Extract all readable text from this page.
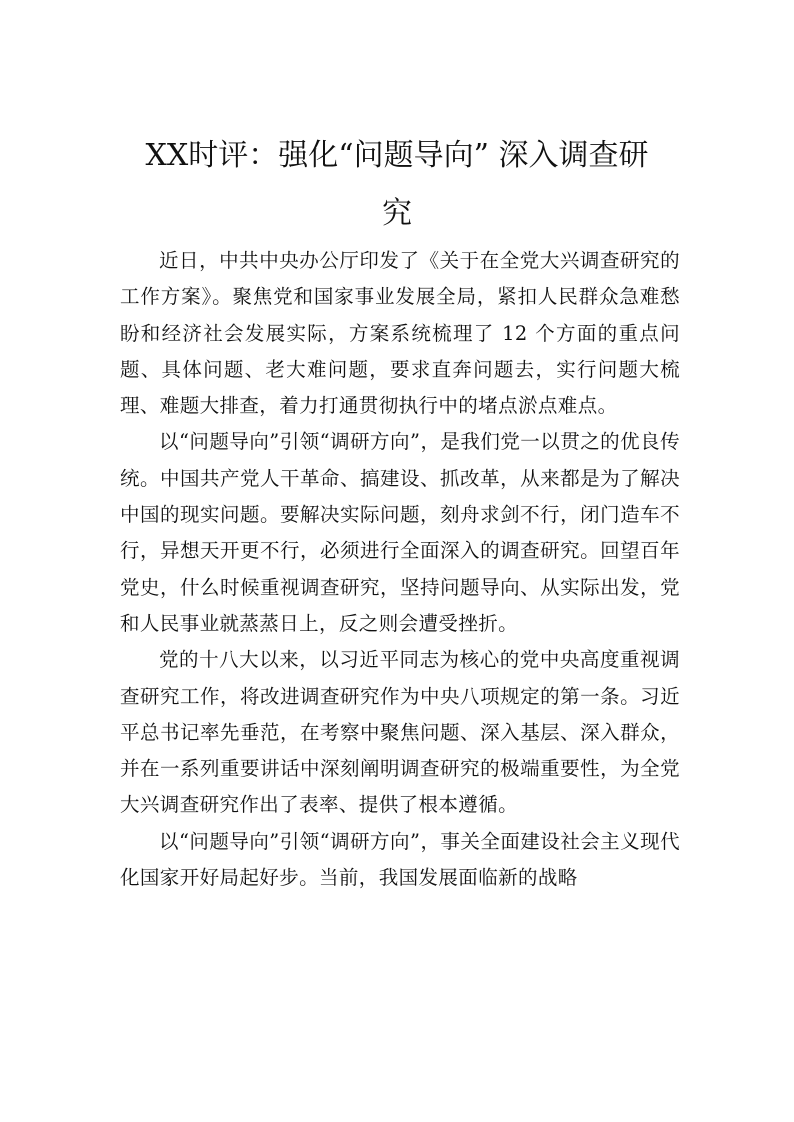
XX时评：强化“问题导向” 深入调查研
究

近日，中共中央办公厅印发了《关于在全党大兴调查研究的工作方案》。聚焦党和国家事业发展全局，紧扣人民群众急难愁盼和经济社会发展实际，方案系统梳理了 12 个方面的重点问题、具体问题、老大难问题，要求直奔问题去，实行问题大梳理、难题大排查，着力打通贯彻执行中的堵点淤点难点。

以“问题导向”引领“调研方向”，是我们党一以贯之的优良传统。中国共产党人干革命、搞建设、抓改革，从来都是为了解决中国的现实问题。要解决实际问题，刻舟求剑不行，闭门造车不行，异想天开更不行，必须进行全面深入的调查研究。回望百年党史，什么时候重视调查研究，坚持问题导向、从实际出发，党和人民事业就蒸蒸日上，反之则会遭受挫折。

党的十八大以来，以习近平同志为核心的党中央高度重视调查研究工作，将改进调查研究作为中央八项规定的第一条。习近平总书记率先垂范，在考察中聚焦问题、深入基层、深入群众，并在一系列重要讲话中深刻阐明调查研究的极端重要性，为全党大兴调查研究作出了表率、提供了根本遵循。

以“问题导向”引领“调研方向”，事关全面建设社会主义现代化国家开好局起好步。当前，我国发展面临新的战略
